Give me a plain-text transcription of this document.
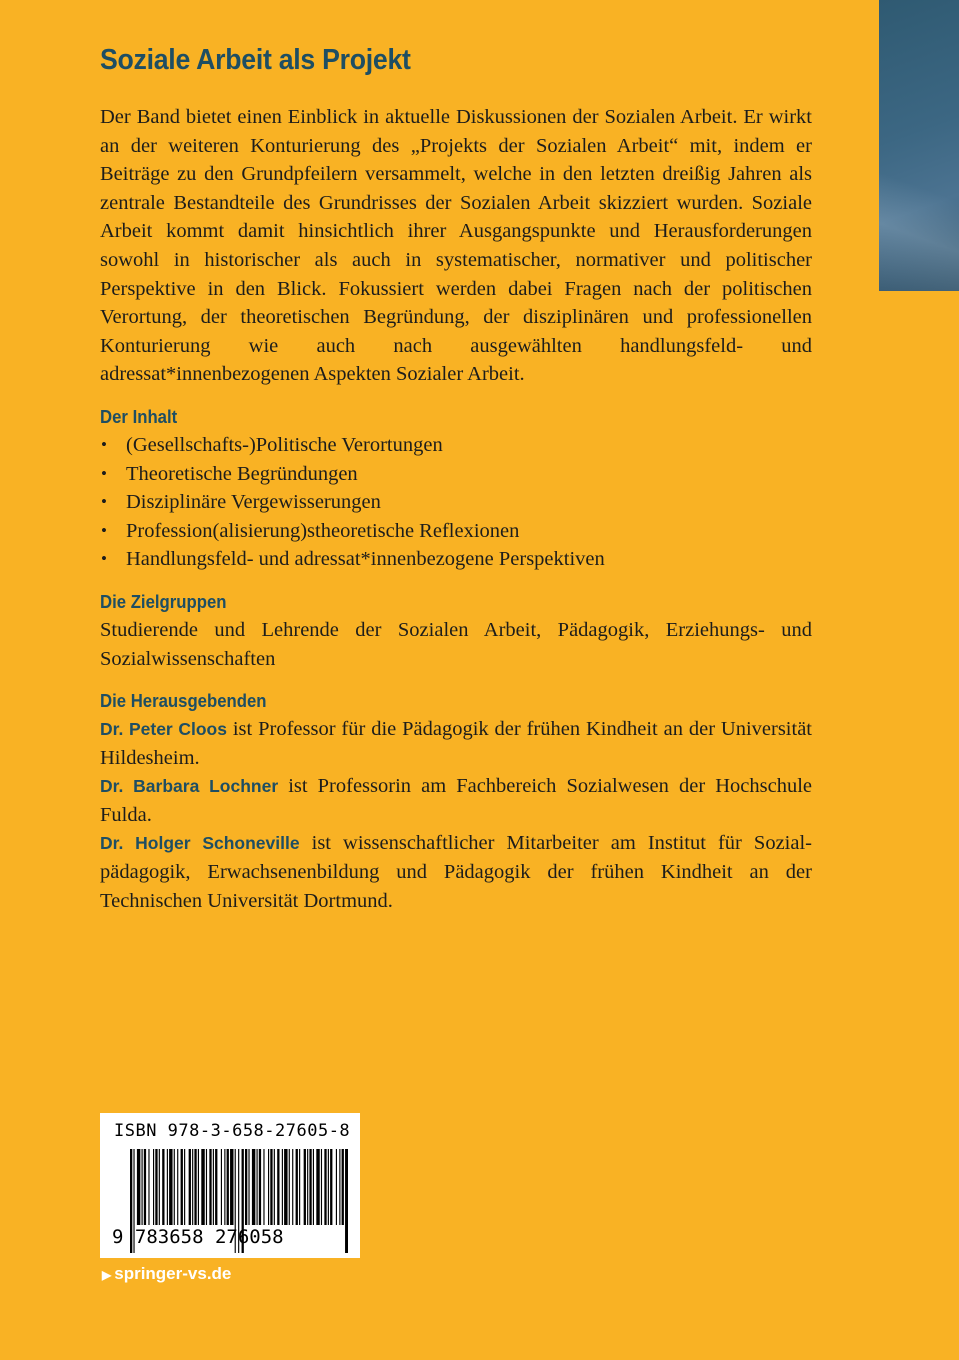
Soziale Arbeit als Projekt

Der Band bietet einen Einblick in aktuelle Diskussionen der Sozialen Arbeit. Er wirkt an der weiteren Konturierung des „Projekts der Sozialen Arbeit“ mit, indem er Beiträge zu den Grundpfeilern versammelt, welche in den letzten dreißig Jahren als zentrale Bestandteile des Grundrisses der Sozialen Arbeit skizziert wurden. Soziale Arbeit kommt damit hinsichtlich ihrer Ausgangspunkte und Herausforderungen sowohl in historischer als auch in systematischer, normativer und politischer Perspektive in den Blick. Fokussiert werden dabei Fragen nach der politischen Verortung, der theoretischen Begründung, der disziplinären und professionellen Konturierung wie auch nach ausgewählten handlungsfeld- und adressat*innenbezogenen Aspekten Sozialer Arbeit.

Der Inhalt
• (Gesellschafts-)Politische Verortungen
• Theoretische Begründungen
• Disziplinäre Vergewisserungen
• Profession(alisierung)stheoretische Reflexionen
• Handlungsfeld- und adressat*innenbezogene Perspektiven
Die Zielgruppen

Studierende und Lehrende der Sozialen Arbeit, Pädagogik, Erziehungs- und Sozialwissenschaften

Die Herausgebenden

Dr. Peter Cloos ist Professor für die Pädagogik der frühen Kindheit an der Universität Hildesheim.

Dr. Barbara Lochner ist Professorin am Fachbereich Sozialwesen der Hochschule Fulda.

Dr. Holger Schoneville ist wissenschaftlicher Mitarbeiter am Institut für Sozialpädagogik, Erwachsenenbildung und Pädagogik der frühen Kindheit an der Technischen Universität Dortmund.

ISBN 978-3-658-27605-8
9 783658 276058
▶ springer-vs.de
